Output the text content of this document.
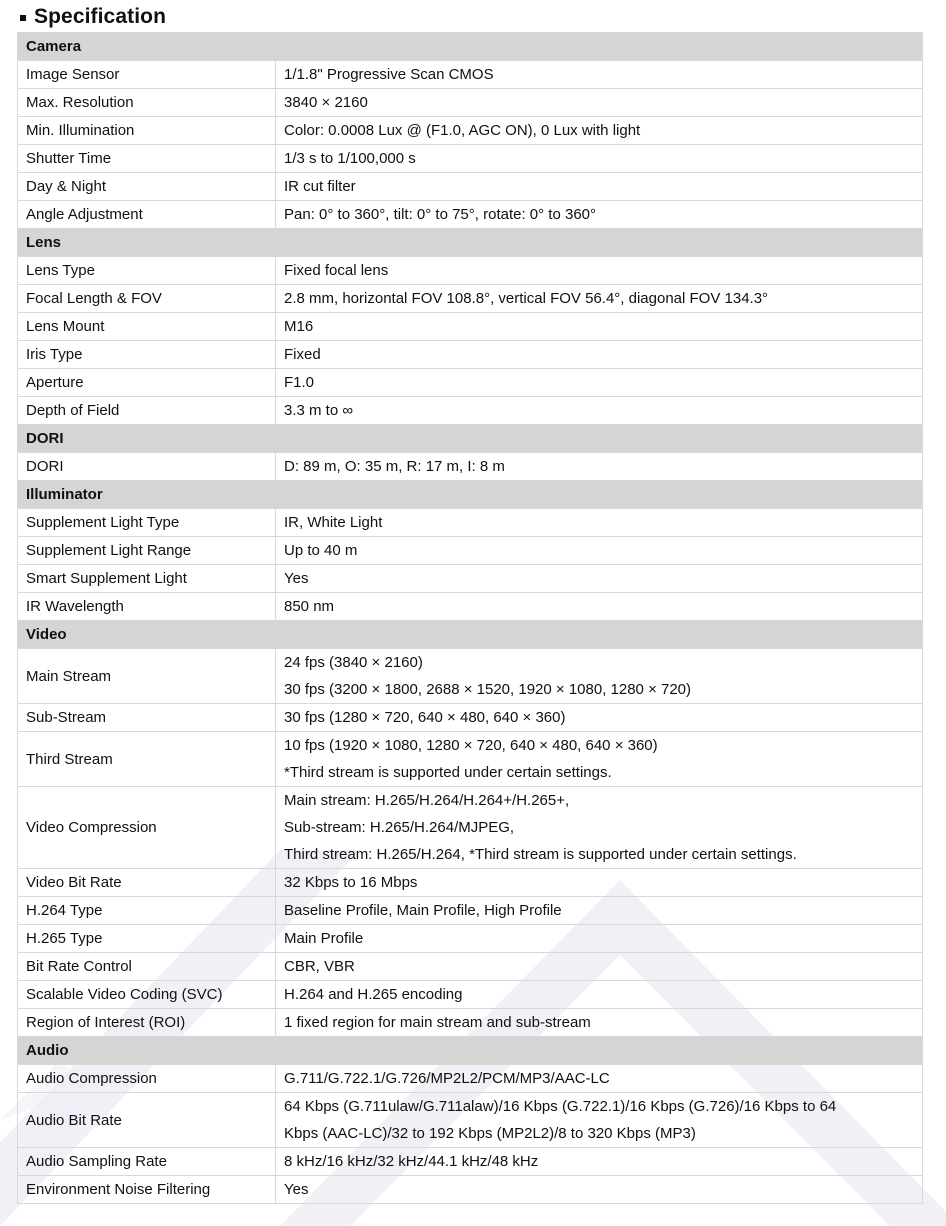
Specification
Camera	
Image Sensor	1/1.8" Progressive Scan CMOS

Max. Resolution	3840 × 2160

Min. Illumination	Color: 0.0008 Lux @ (F1.0, AGC ON), 0 Lux with light

Shutter Time	1/3 s to 1/100,000 s

Day & Night	IR cut filter

Angle Adjustment	Pan: 0° to 360°, tilt: 0° to 75°, rotate: 0° to 360°

Lens	
Lens Type	Fixed focal lens

Focal Length & FOV	2.8 mm, horizontal FOV 108.8°, vertical FOV 56.4°, diagonal FOV 134.3°

Lens Mount	M16

Iris Type	Fixed

Aperture	F1.0

Depth of Field	3.3 m to ∞

DORI	
DORI	D: 89 m, O: 35 m, R: 17 m, I: 8 m

Illuminator	
Supplement Light Type	IR, White Light

Supplement Light Range	Up to 40 m

Smart Supplement Light	Yes

IR Wavelength	850 nm

Video	
Main Stream	24 fps (3840 × 2160)
30 fps (3200 × 1800, 2688 × 1520, 1920 × 1080, 1280 × 720)

Sub-Stream	30 fps (1280 × 720, 640 × 480, 640 × 360)

Third Stream	10 fps (1920 × 1080, 1280 × 720, 640 × 480, 640 × 360)
*Third stream is supported under certain settings.

Video Compression	Main stream: H.265/H.264/H.264+/H.265+,
Sub-stream: H.265/H.264/MJPEG,
Third stream: H.265/H.264, *Third stream is supported under certain settings.

Video Bit Rate	32 Kbps to 16 Mbps

H.264 Type	Baseline Profile, Main Profile, High Profile

H.265 Type	Main Profile

Bit Rate Control	CBR, VBR

Scalable Video Coding (SVC)	H.264 and H.265 encoding

Region of Interest (ROI)	1 fixed region for main stream and sub-stream

Audio	
Audio Compression	G.711/G.722.1/G.726/MP2L2/PCM/MP3/AAC-LC

Audio Bit Rate	64 Kbps (G.711ulaw/G.711alaw)/16 Kbps (G.722.1)/16 Kbps (G.726)/16 Kbps to 64
Kbps (AAC-LC)/32 to 192 Kbps (MP2L2)/8 to 320 Kbps (MP3)

Audio Sampling Rate	8 kHz/16 kHz/32 kHz/44.1 kHz/48 kHz

Environment Noise Filtering	Yes
